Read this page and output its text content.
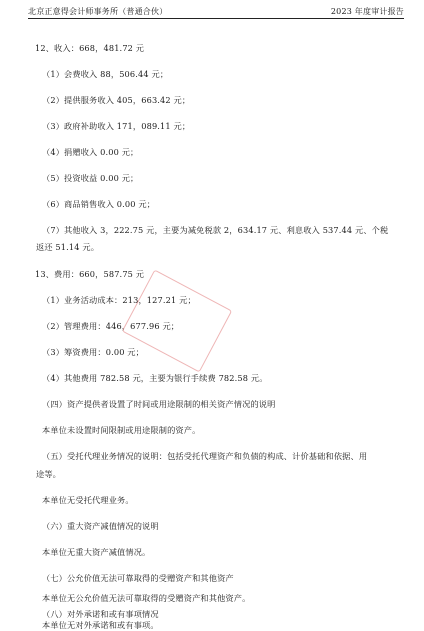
北京正意得会计师事务所（普通合伙）	2023 年度审计报告
12、收入：668，481.72 元
（1）会费收入 88，506.44 元；
（2）提供服务收入 405，663.42 元；
（3）政府补助收入 171，089.11 元；
（4）捐赠收入 0.00 元；
（5）投资收益 0.00 元；
（6）商品销售收入 0.00 元；
（7）其他收入 3，222.75 元，主要为减免税款 2，634.17 元、利息收入 537.44 元、个税
返还 51.14 元。
13、费用：660，587.75 元
（1）业务活动成本：213，127.21 元；
（2）管理费用：446，677.96 元；
（3）筹资费用：0.00 元；
（4）其他费用 782.58 元，主要为银行手续费 782.58 元。
（四）资产提供者设置了时间或用途限制的相关资产情况的说明
本单位未设置时间限制或用途限制的资产。
（五）受托代理业务情况的说明：包括受托代理资产和负债的构成、计价基础和依据、用
途等。
本单位无受托代理业务。
（六）重大资产减值情况的说明
本单位无重大资产减值情况。
（七）公允价值无法可靠取得的受赠资产和其他资产
本单位无公允价值无法可靠取得的受赠资产和其他资产。
（八）对外承诺和或有事项情况
本单位无对外承诺和或有事项。
